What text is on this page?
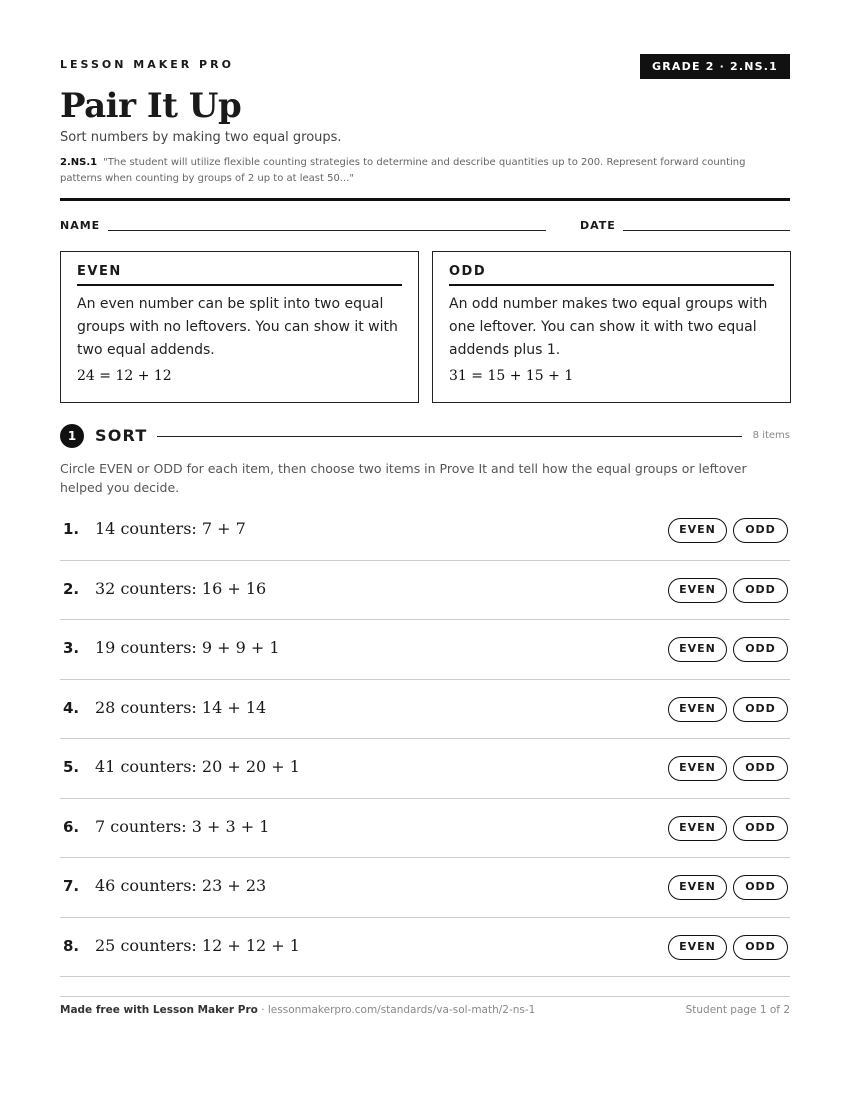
LESSON MAKER PRO	GRADE 2 · 2.NS.1
Pair It Up
Sort numbers by making two equal groups.
2.NS.1 "The student will utilize flexible counting strategies to determine and describe quantities up to 200. Represent forward counting patterns when counting by groups of 2 up to at least 50..."
NAME	DATE
EVEN
An even number can be split into two equal groups with no leftovers. You can show it with two equal addends.
24 = 12 + 12
ODD
An odd number makes two equal groups with one leftover. You can show it with two equal addends plus 1.
31 = 15 + 15 + 1
1	SORT	8 items
Circle EVEN or ODD for each item, then choose two items in Prove It and tell how the equal groups or leftover helped you decide.
1. 14 counters: 7 + 7	EVEN	ODD
2. 32 counters: 16 + 16	EVEN	ODD
3. 19 counters: 9 + 9 + 1	EVEN	ODD
4. 28 counters: 14 + 14	EVEN	ODD
5. 41 counters: 20 + 20 + 1	EVEN	ODD
6. 7 counters: 3 + 3 + 1	EVEN	ODD
7. 46 counters: 23 + 23	EVEN	ODD
8. 25 counters: 12 + 12 + 1	EVEN	ODD
Made free with Lesson Maker Pro · lessonmakerpro.com/standards/va-sol-math/2-ns-1	Student page 1 of 2
